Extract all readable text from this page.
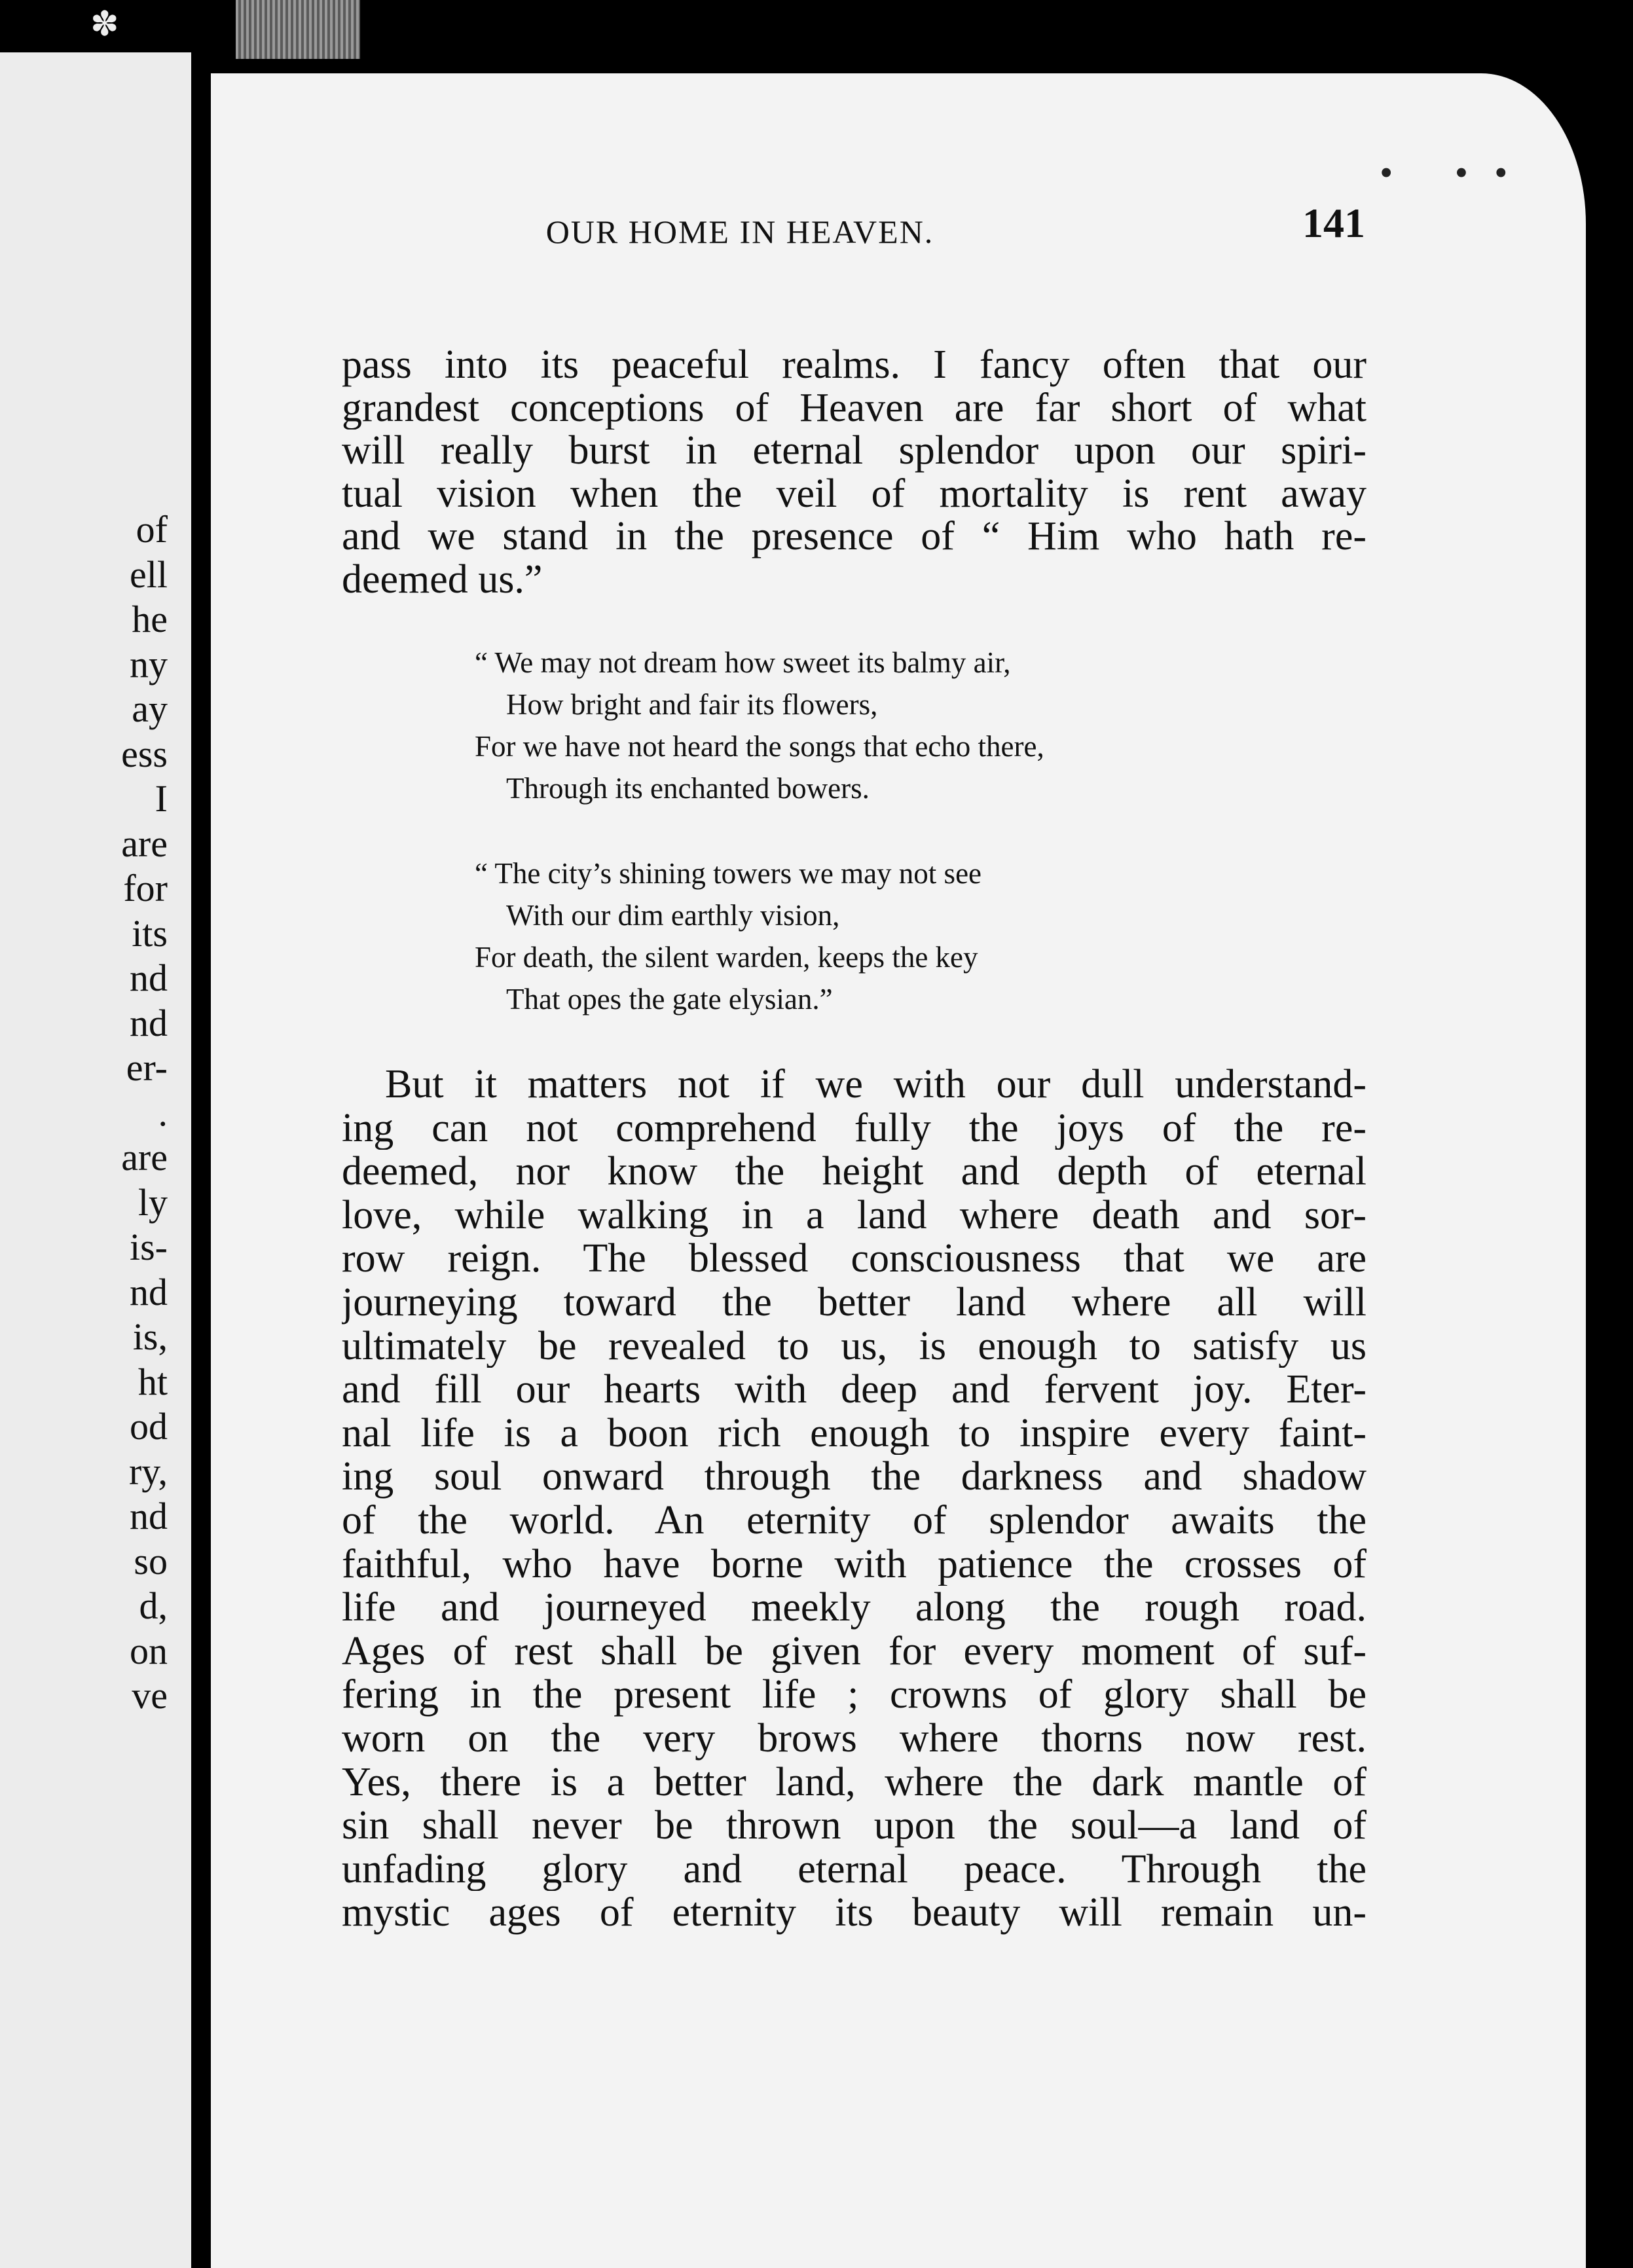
✽
of
ell
he
ny
ay
ess
I
are
for
its
nd
nd
er-
.
are
ly
is-
nd
is,
ht
od
ry,
nd
so
d,
on
ve
• ••
OUR HOME IN HEAVEN.	141
pass into its peaceful realms. I fancy often that our
grandest conceptions of Heaven are far short of what
will really burst in eternal splendor upon our spiri-
tual vision when the veil of mortality is rent away
and we stand in the presence of “ Him who hath re-
deemed us.”
“ We may not dream how sweet its balmy air,
How bright and fair its flowers,
For we have not heard the songs that echo there,
Through its enchanted bowers.
“ The city’s shining towers we may not see
With our dim earthly vision,
For death, the silent warden, keeps the key
That opes the gate elysian.”
But it matters not if we with our dull understand-
ing can not comprehend fully the joys of the re-
deemed, nor know the height and depth of eternal
love, while walking in a land where death and sor-
row reign. The blessed consciousness that we are
journeying toward the better land where all will
ultimately be revealed to us, is enough to satisfy us
and fill our hearts with deep and fervent joy. Eter-
nal life is a boon rich enough to inspire every faint-
ing soul onward through the darkness and shadow
of the world. An eternity of splendor awaits the
faithful, who have borne with patience the crosses of
life and journeyed meekly along the rough road.
Ages of rest shall be given for every moment of suf-
fering in the present life ; crowns of glory shall be
worn on the very brows where thorns now rest.
Yes, there is a better land, where the dark mantle of
sin shall never be thrown upon the soul—a land of
unfading glory and eternal peace. Through the
mystic ages of eternity its beauty will remain un-
